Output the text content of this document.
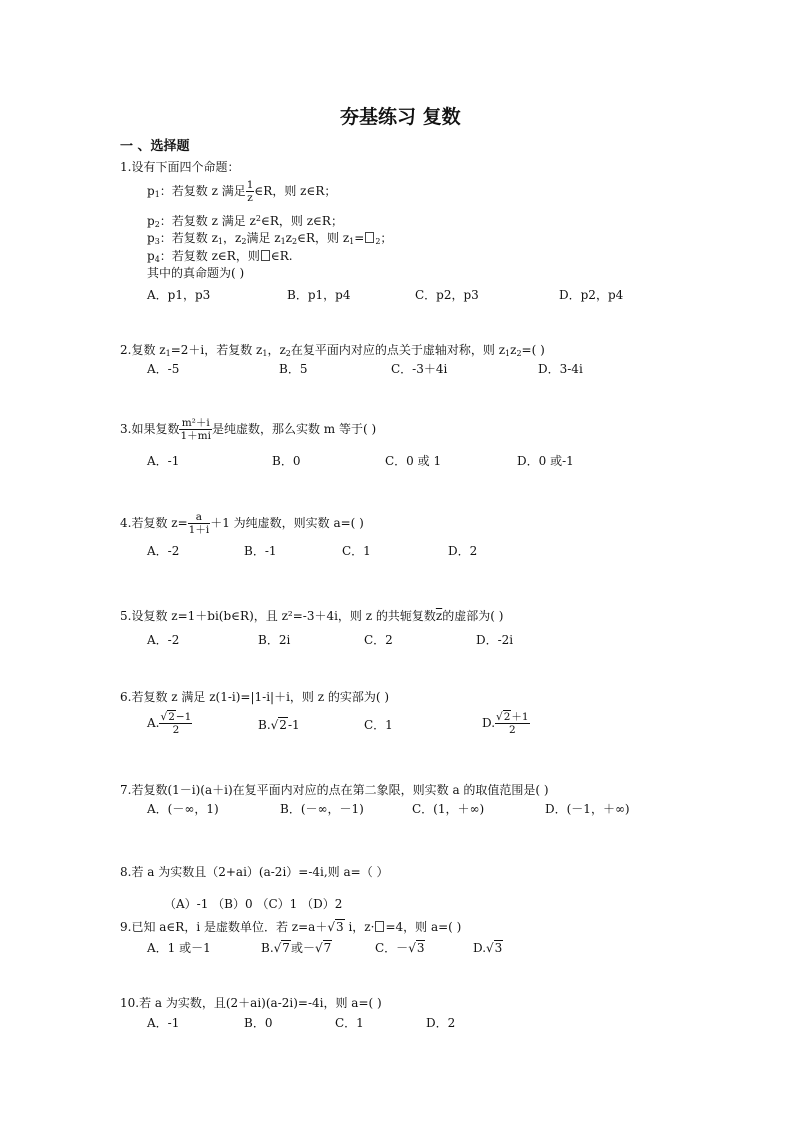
夯基练习 复数
一 、选择题
1.设有下面四个命题：
$p_1$：若复数 z 满足 $\frac{1}{z}$ ∈R，则 z∈R；
$p_2$：若复数 z 满足 $z^2\in R$，则 z∈R；
$p_3$：若复数 $z_1$，$z_2$满足 $z_1z_2\in R$，则 $z_1= _2$；
$p_4$：若复数 z∈R，则 ∈R.
其中的真命题为( )
A．p1，p3	B．p1，p4	C．p2，p3	D．p2，p4
2.复数 $z_1=2+i$，若复数 $z_1$，$z_2$在复平面内对应的点关于虚轴对称，则 $z_1z_2=$( )
A．-5	B．5	C．-3＋4i	D．3-4i
3.如果复数 $\frac{\text{m²＋i}}{1+mi}$ 是纯虚数，那么实数 m 等于( )
A．-1	B．0	C．0 或 1	D．0 或-1
4.若复数 $z= \frac{a}{1+i} +1$ 为纯虚数，则实数 a=( )
A．-2	B．-1	C．1	D．2
5.设复数 z=1＋bi(b∈R)，且 z²=-3＋4i，则 z 的共轭复数$\overline{z}$的虚部为( )
A．-2	B．2i	C．2	D．-2i
6.若复数 z 满足 z(1-i)=|1-i|＋i，则 z 的实部为( )
A. $\frac{√2-1}{2}$	B.√2-1	C．1	D. $\frac{√2+1}{2}$
7.若复数(1－i)(a＋i)在复平面内对应的点在第二象限，则实数 a 的取值范围是( )
A．(－∞，1)	B．(－∞，－1)	C．(1，＋∞)	D．(－1，＋∞)
8.若 a 为实数且（2+ai）(a-2i）=-4i,则 a=（ ）
（A）-1 （B）0 （C）1 （D）2
9.已知 a∈R，i 是虚数单位．若 z=a＋√3 i，z· =4，则 a=( )
A．1 或－1	B.√7或－√7	C．－√3	D.√3
10.若 a 为实数，且(2＋ai)(a-2i)=-4i，则 a=( )
A．-1	B．0	C．1	D．2
